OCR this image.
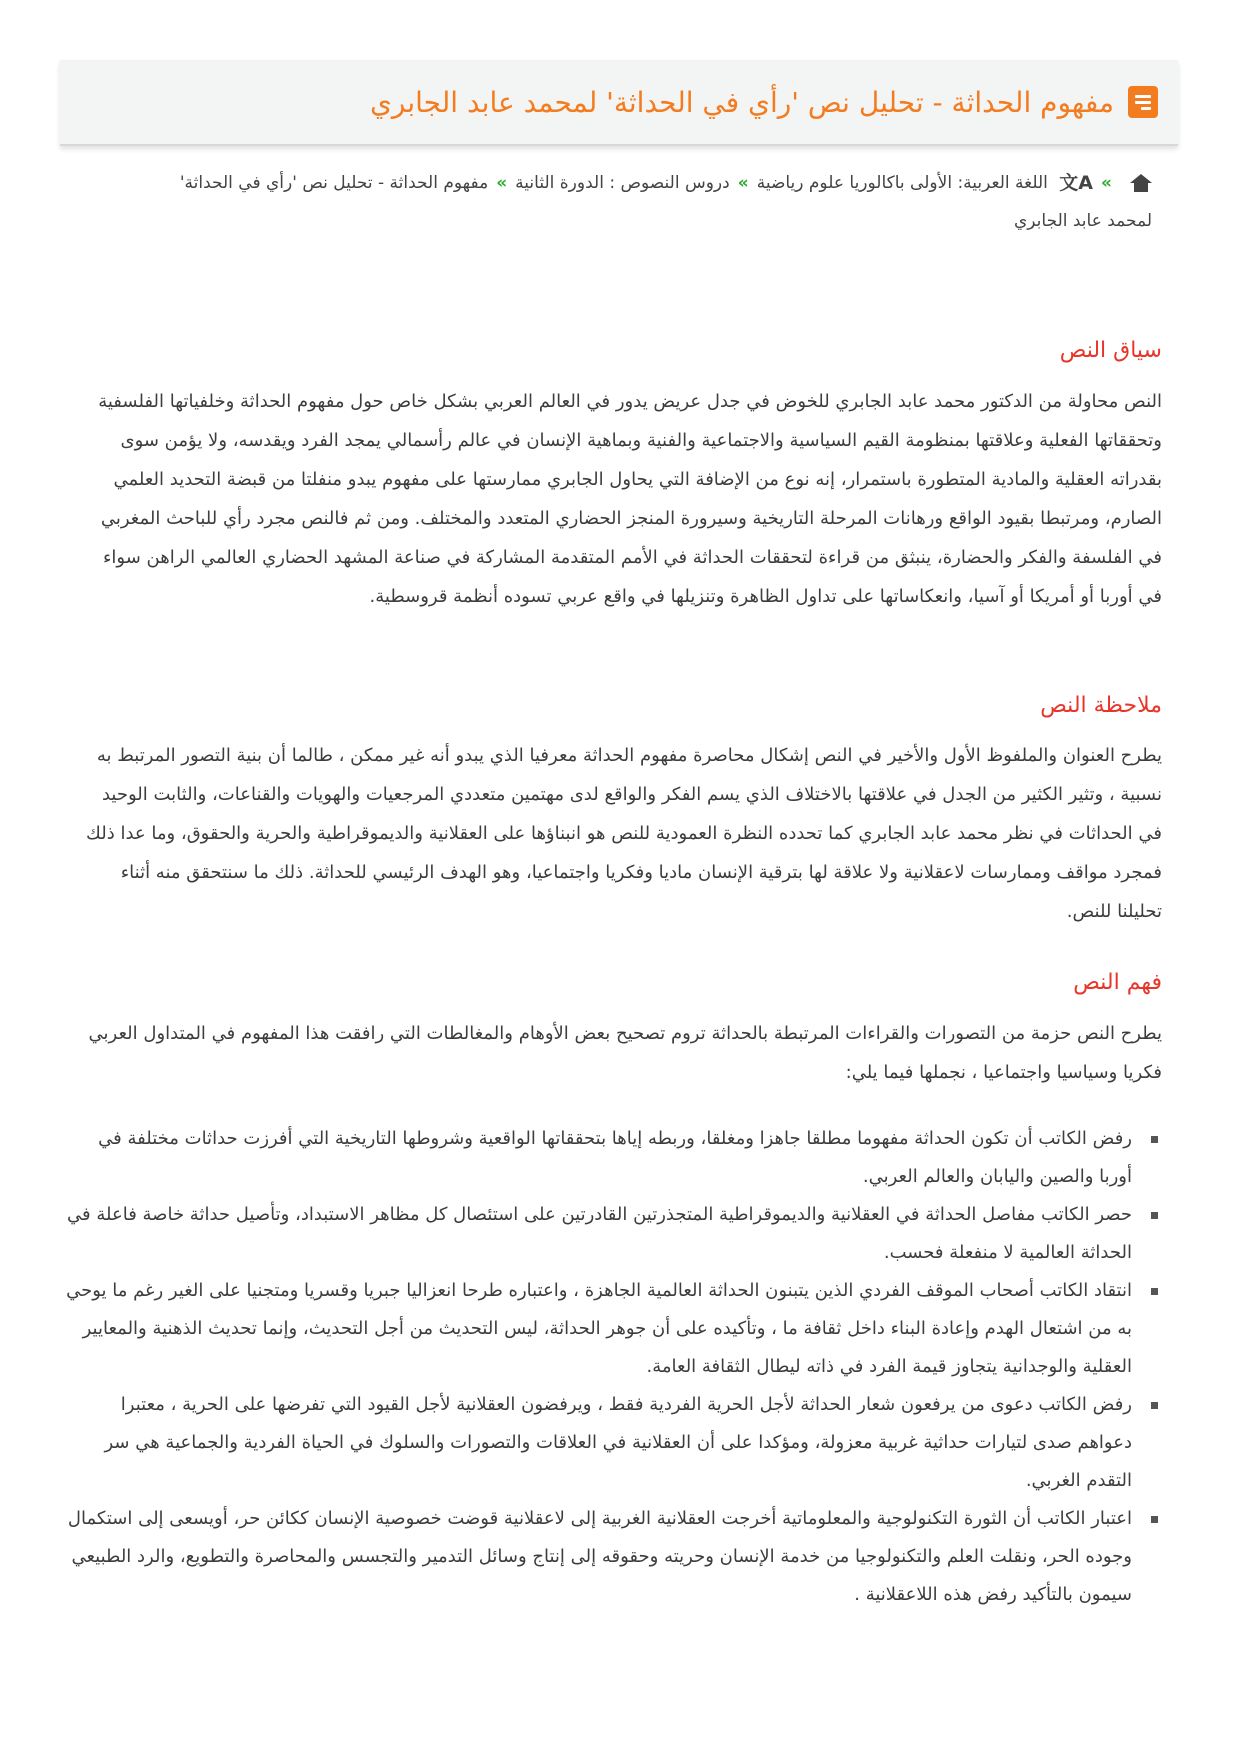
مفهوم الحداثة - تحليل نص 'رأي في الحداثة' لمحمد عابد الجابري
»文A اللغة العربية: الأولى باكالوريا علوم رياضية»دروس النصوص : الدورة الثانية»مفهوم الحداثة - تحليل نص 'رأي في الحداثة' لمحمد عابد الجابري
سياق النص

النص محاولة من الدكتور محمد عابد الجابري للخوض في جدل عريض يدور في العالم العربي بشكل خاص حول مفهوم الحداثة وخلفياتها الفلسفية وتحققاتها الفعلية وعلاقتها بمنظومة القيم السياسية والاجتماعية والفنية وبماهية الإنسان في عالم رأسمالي يمجد الفرد ويقدسه، ولا يؤمن سوى بقدراته العقلية والمادية المتطورة باستمرار، إنه نوع من الإضافة التي يحاول الجابري ممارستها على مفهوم يبدو منفلتا من قبضة التحديد العلمي الصارم، ومرتبطا بقيود الواقع ورهانات المرحلة التاريخية وسيرورة المنجز الحضاري المتعدد والمختلف. ومن ثم فالنص مجرد رأي للباحث المغربي في الفلسفة والفكر والحضارة، ينبثق من قراءة لتحققات الحداثة في الأمم المتقدمة المشاركة في صناعة المشهد الحضاري العالمي الراهن سواء في أوربا أو أمريكا أو آسيا، وانعكاساتها على تداول الظاهرة وتنزيلها في واقع عربي تسوده أنظمة قروسطية.

ملاحظة النص

يطرح العنوان والملفوظ الأول والأخير في النص إشكال محاصرة مفهوم الحداثة معرفيا الذي يبدو أنه غير ممكن ، طالما أن بنية التصور المرتبط به نسبية ، وتثير الكثير من الجدل في علاقتها بالاختلاف الذي يسم الفكر والواقع لدى مهتمين متعددي المرجعيات والهويات والقناعات، والثابت الوحيد في الحداثات في نظر محمد عابد الجابري كما تحدده النظرة العمودية للنص هو انبناؤها على العقلانية والديموقراطية والحرية والحقوق، وما عدا ذلك فمجرد مواقف وممارسات لاعقلانية ولا علاقة لها بترقية الإنسان ماديا وفكريا واجتماعيا، وهو الهدف الرئيسي للحداثة. ذلك ما سنتحقق منه أثناء تحليلنا للنص.

فهم النص

يطرح النص حزمة من التصورات والقراءات المرتبطة بالحداثة تروم تصحيح بعض الأوهام والمغالطات التي رافقت هذا المفهوم في المتداول العربي فكريا وسياسيا واجتماعيا ، نجملها فيما يلي:

رفض الكاتب أن تكون الحداثة مفهوما مطلقا جاهزا ومغلقا، وربطه إياها بتحققاتها الواقعية وشروطها التاريخية التي أفرزت حداثات مختلفة في أوربا والصين واليابان والعالم العربي.
حصر الكاتب مفاصل الحداثة في العقلانية والديموقراطية المتجذرتين القادرتين على استئصال كل مظاهر الاستبداد، وتأصيل حداثة خاصة فاعلة في الحداثة العالمية لا منفعلة فحسب.
انتقاد الكاتب أصحاب الموقف الفردي الذين يتبنون الحداثة العالمية الجاهزة ، واعتباره طرحا انعزاليا جبريا وقسريا ومتجنيا على الغير رغم ما يوحي به من اشتعال الهدم وإعادة البناء داخل ثقافة ما ، وتأكيده على أن جوهر الحداثة، ليس التحديث من أجل التحديث، وإنما تحديث الذهنية والمعايير العقلية والوجدانية يتجاوز قيمة الفرد في ذاته ليطال الثقافة العامة.
رفض الكاتب دعوى من يرفعون شعار الحداثة لأجل الحرية الفردية فقط ، ويرفضون العقلانية لأجل القيود التي تفرضها على الحرية ، معتبرا دعواهم صدى لتيارات حداثية غربية معزولة، ومؤكدا على أن العقلانية في العلاقات والتصورات والسلوك في الحياة الفردية والجماعية هي سر التقدم الغربي.
اعتبار الكاتب أن الثورة التكنولوجية والمعلوماتية أخرجت العقلانية الغربية إلى لاعقلانية قوضت خصوصية الإنسان ككائن حر، أويسعى إلى استكمال وجوده الحر، ونقلت العلم والتكنولوجيا من خدمة الإنسان وحريته وحقوقه إلى إنتاج وسائل التدمير والتجسس والمحاصرة والتطويع، والرد الطبيعي سيمون بالتأكيد رفض هذه اللاعقلانية .
